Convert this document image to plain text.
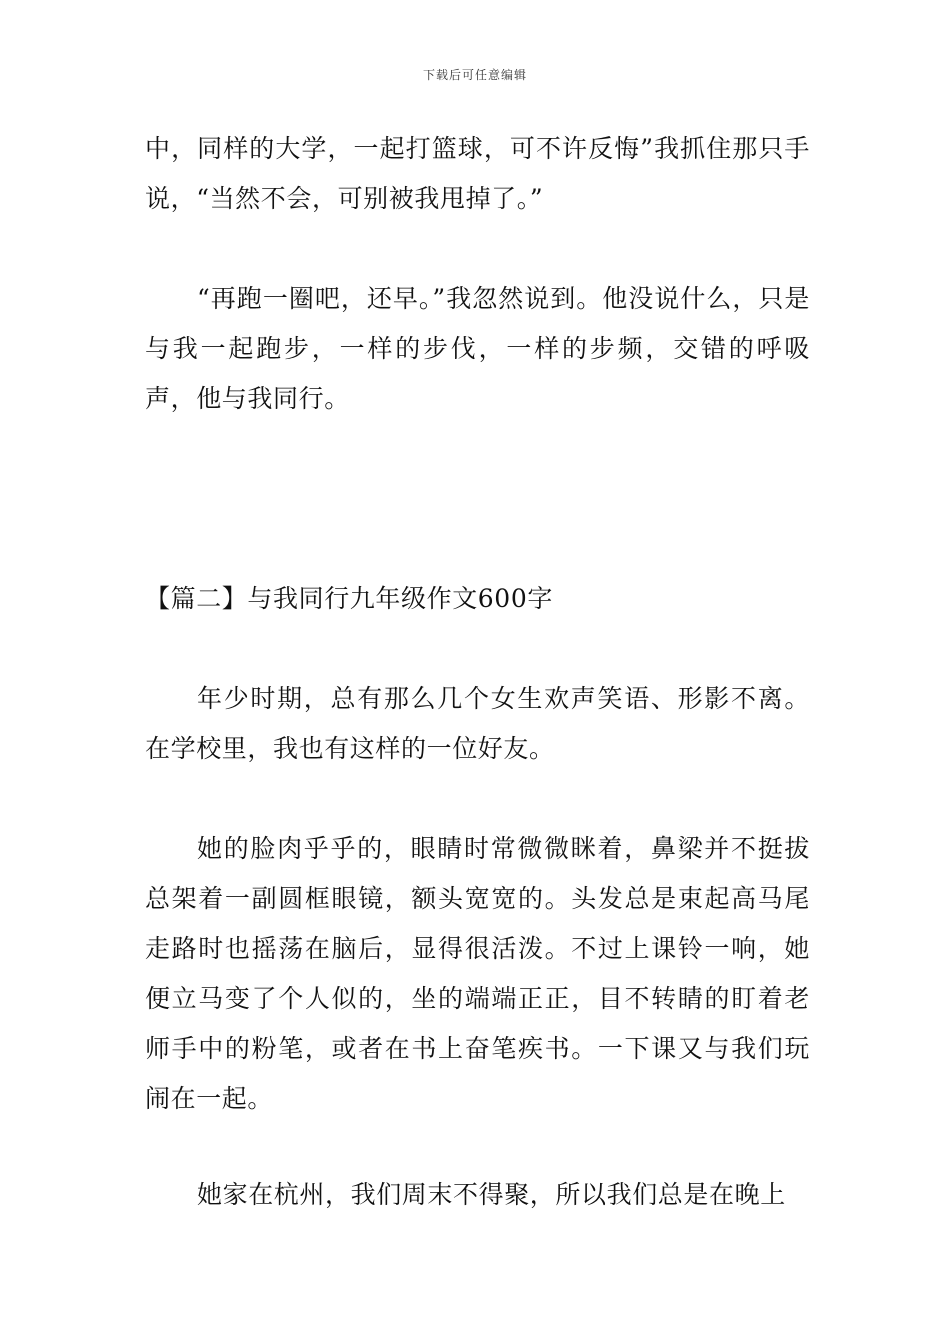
下载后可任意编辑

中，同样的大学，一起打篮球，可不许反悔”我抓住那只手说，“当然不会，可别被我甩掉了。”

“再跑一圈吧，还早。”我忽然说到。他没说什么，只是与我一起跑步，一样的步伐，一样的步频，交错的呼吸声，他与我同行。

【篇二】与我同行九年级作文600字

年少时期，总有那么几个女生欢声笑语、形影不离。在学校里，我也有这样的一位好友。

她的脸肉乎乎的，眼睛时常微微眯着，鼻梁并不挺拔总架着一副圆框眼镜，额头宽宽的。头发总是束起高马尾走路时也摇荡在脑后，显得很活泼。不过上课铃一响，她便立马变了个人似的，坐的端端正正，目不转睛的盯着老师手中的粉笔，或者在书上奋笔疾书。一下课又与我们玩闹在一起。

她家在杭州，我们周末不得聚，所以我们总是在晚上
